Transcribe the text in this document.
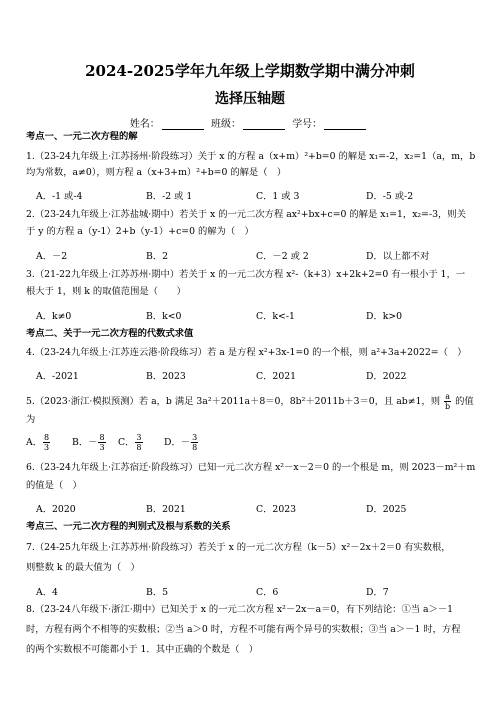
2024-2025学年九年级上学期数学期中满分冲刺
选择压轴题
姓名：	班级：	学号：
考点一、一元二次方程的解
1.（23-24九年级上·江苏扬州·阶段练习）关于 x 的方程 a（x+m）²+b=0 的解是 x₁=-2，x₂=1（a，m，b
均为常数，a≠0），则方程 a（x+3+m）²+b=0 的解是（　）
A．-1 或-4	B．-2 或 1	C．1 或 3	D．-5 或-2
2.（23-24九年级上·江苏盐城·期中）若关于 x 的一元二次方程 ax²+bx+c=0 的解是 x₁=1，x₂=-3，则关
于 y 的方程 a（y-1）2+b（y-1）+c=0 的解为（　）
A．－2	B．2	C．－2 或 2	D．以上都不对
3.（21-22九年级上·江苏苏州·期中）若关于 x 的一元二次方程 x²-（k+3）x+2k+2=0 有一根小于 1，一
根大于 1，则 k 的取值范围是（　　）
A．k≠0	B．k<0	C．k<-1	D．k>0
考点二、关于一元二次方程的代数式求值
4.（23-24九年级上·江苏连云港·阶段练习）若 a 是方程 x²+3x-1=0 的一个根，则 a²+3a+2022=（　）
A．-2021	B．2023	C．2021	D．2022
5.（2023·浙江·模拟预测）若 a，b 满足 3a²＋2011a＋8＝0，8b²＋2011b＋3＝0，且 ab≠1，则 $\frac{a}{b}$ 的值
为
A． $\frac{8}{3}$ B．－ $\frac{8}{3}$ C． $\frac{3}{8}$ D．－ $\frac{3}{8}$
6.（23-24九年级上·江苏宿迁·阶段练习）已知一元二次方程 x²－x－2＝0 的一个根是 m，则 2023－m²＋m
的值是（　）
A．2020	B．2021	C．2023	D．2025
考点三、一元二次方程的判别式及根与系数的关系
7.（24-25九年级上·江苏苏州·阶段练习）若关于 x 的一元二次方程（k－5）x²－2x＋2＝0 有实数根，
则整数 k 的最大值为（　）
A．4	B．5	C．6	D．7
8.（23-24八年级下·浙江·期中）已知关于 x 的一元二次方程 x²－2x－a＝0，有下列结论：①当 a＞－1
时，方程有两个不相等的实数根；②当 a＞0 时，方程不可能有两个异号的实数根；③当 a＞－1 时，方程
的两个实数根不可能都小于 1．其中正确的个数是（　）
